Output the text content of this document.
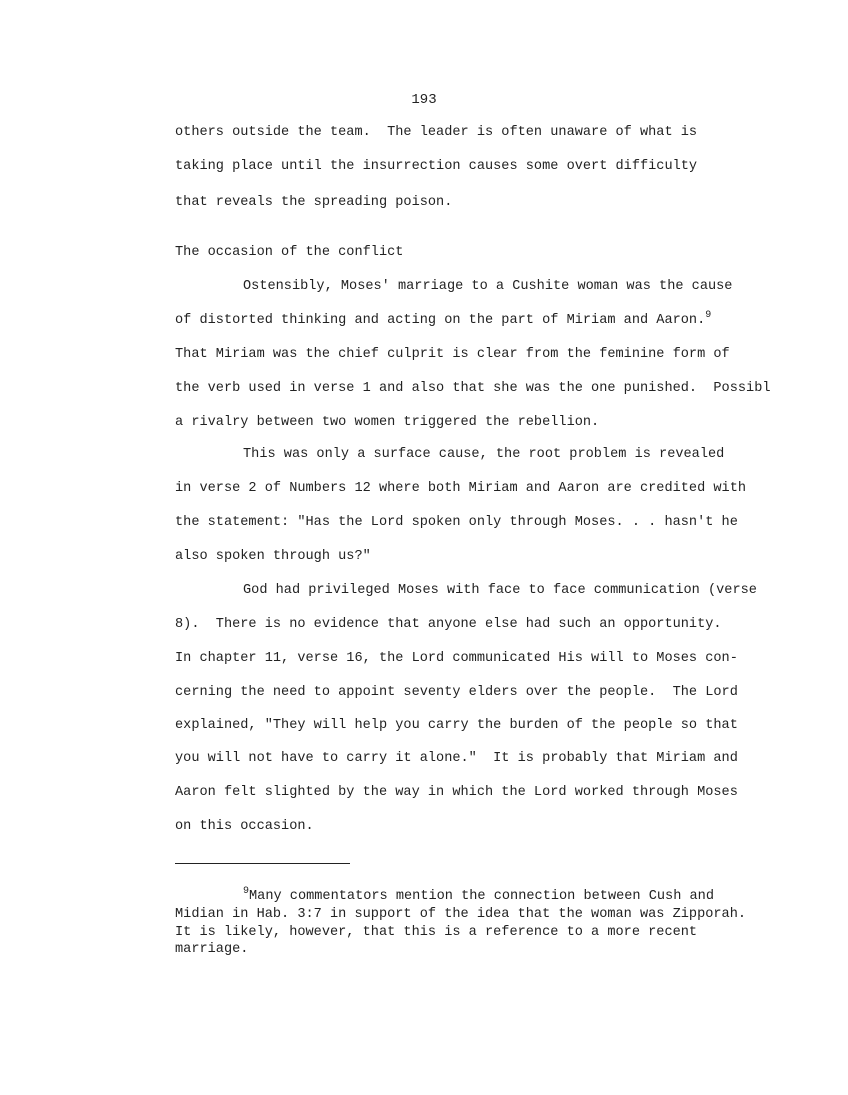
193
others outside the team.  The leader is often unaware of what is
taking place until the insurrection causes some overt difficulty
that reveals the spreading poison.
The occasion of the conflict
Ostensibly, Moses' marriage to a Cushite woman was the cause
of distorted thinking and acting on the part of Miriam and Aaron.$^9$
That Miriam was the chief culprit is clear from the feminine form of
the verb used in verse 1 and also that she was the one punished.  Possibl
a rivalry between two women triggered the rebellion.
This was only a surface cause, the root problem is revealed
in verse 2 of Numbers 12 where both Miriam and Aaron are credited with
the statement: "Has the Lord spoken only through Moses. . . hasn't he
also spoken through us?"
God had privileged Moses with face to face communication (verse
8).  There is no evidence that anyone else had such an opportunity.
In chapter 11, verse 16, the Lord communicated His will to Moses con-
cerning the need to appoint seventy elders over the people.  The Lord
explained, "They will help you carry the burden of the people so that
you will not have to carry it alone."  It is probably that Miriam and
Aaron felt slighted by the way in which the Lord worked through Moses
on this occasion.
$^9$Many commentators mention the connection between Cush and
Midian in Hab. 3:7 in support of the idea that the woman was Zipporah.
It is likely, however, that this is a reference to a more recent
marriage.
